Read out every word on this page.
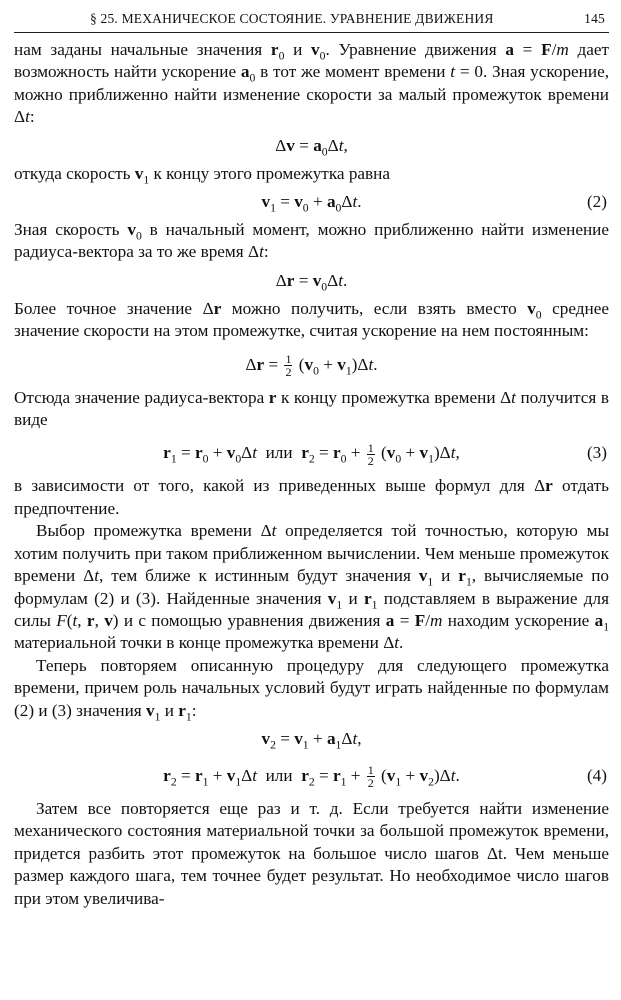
§ 25. МЕХАНИЧЕСКОЕ СОСТОЯНИЕ. УРАВНЕНИЕ ДВИЖЕНИЯ	145

нам заданы начальные значения $r_0$ и $v_0$. Уравнение движения a = F/m дает возможность найти ускорение $a_0$ в тот же момент времени t = 0. Зная ускорение, можно приближенно найти изменение скорости за малый промежуток времени Δt:

$\Delta v = a_0\Delta t$,

откуда скорость $v_1$ к концу этого промежутка равна

$v_1 = v_0 + a_0\Delta t$.	(2)

Зная скорость $v_0$ в начальный момент, можно приближенно найти изменение радиуса-вектора за то же время Δt:

$\Delta r = v_0\Delta t$.

Более точное значение Δr можно получить, если взять вместо $v_0$ среднее значение скорости на этом промежутке, считая ускорение на нем постоянным:

$\Delta r = \frac{1}{2} (v_0 + v_1)\Delta t$.

Отсюда значение радиуса-вектора r к концу промежутка времени Δt получится в виде

$r_1 = r_0 + v_0\Delta t$ или $r_2 = r_0 + \frac{1}{2} (v_0 + v_1)\Delta t$,	(3)

в зависимости от того, какой из приведенных выше формул для Δr отдать предпочтение.

Выбор промежутка времени Δt определяется той точностью, которую мы хотим получить при таком приближенном вычислении. Чем меньше промежуток времени Δt, тем ближе к истинным будут значения $v_1$ и $r_1$, вычисляемые по формулам (2) и (3). Найденные значения $v_1$ и $r_1$ подставляем в выражение для силы F(t, r, v) и с помощью уравнения движения a = F/m находим ускорение $a_1$ материальной точки в конце промежутка времени Δt.

Теперь повторяем описанную процедуру для следующего промежутка времени, причем роль начальных условий будут играть найденные по формулам (2) и (3) значения $v_1$ и $r_1$:

$v_2 = v_1 + a_1\Delta t$,
$r_2 = r_1 + v_1\Delta t$ или $r_2 = r_1 + \frac{1}{2} (v_1 + v_2)\Delta t$.	(4)

Затем все повторяется еще раз и т. д. Если требуется найти изменение механического состояния материальной точки за большой промежуток времени, придется разбить этот промежуток на большое число шагов Δt. Чем меньше размер каждого шага, тем точнее будет результат. Но необходимое число шагов при этом увеличива-
